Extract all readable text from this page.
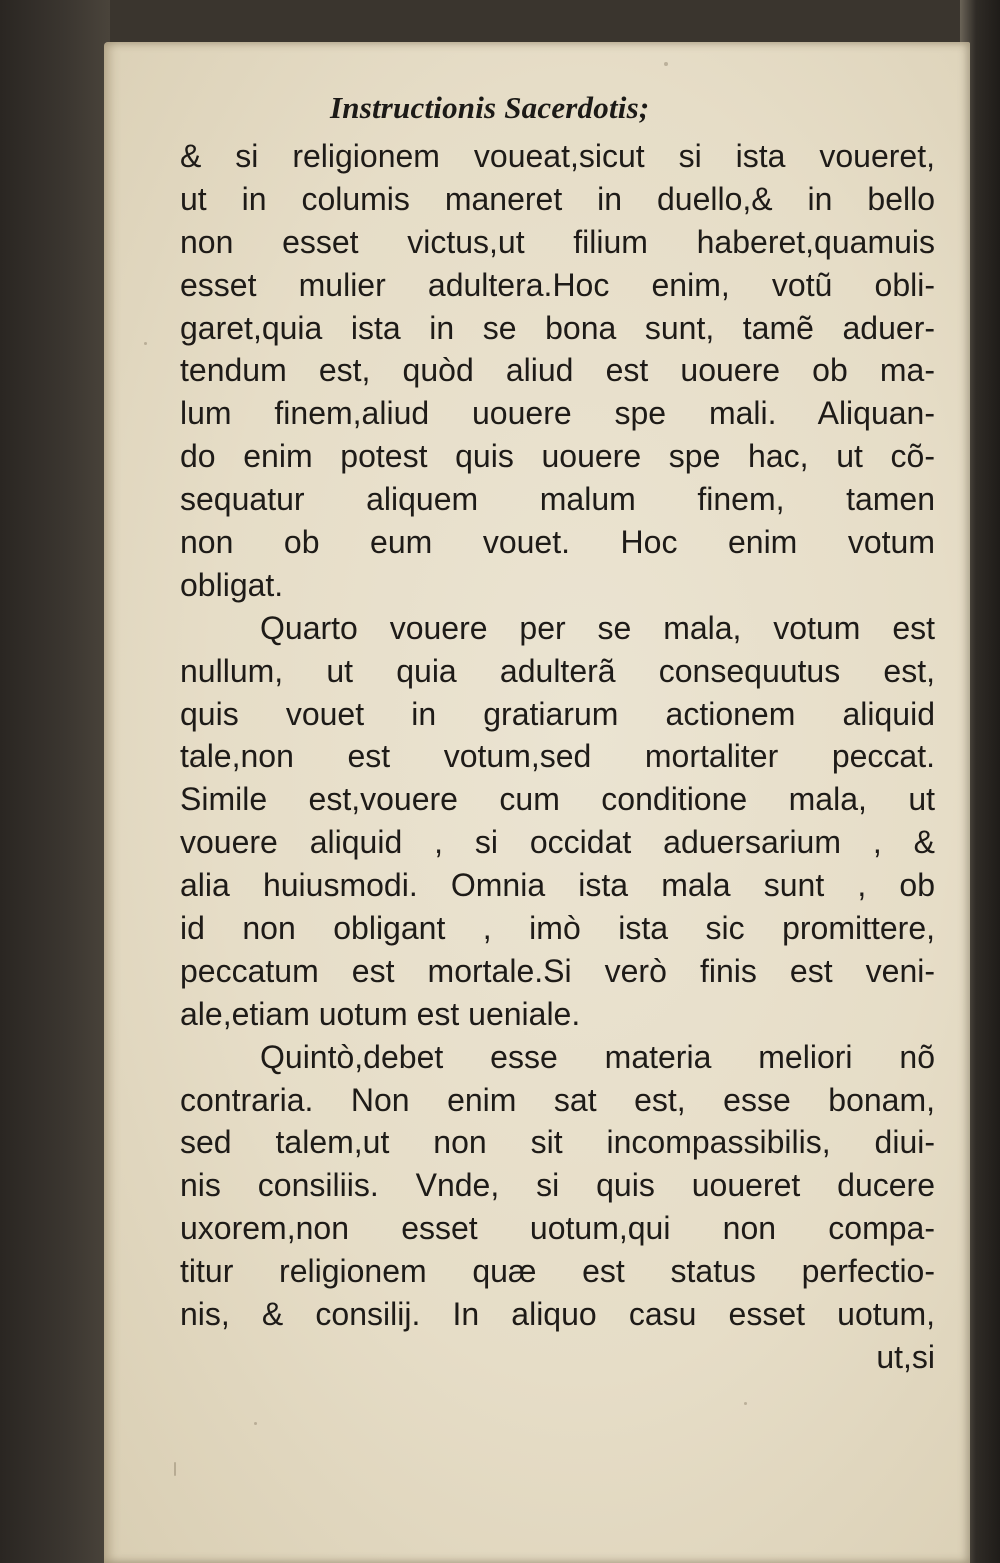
Instructionis Sacerdotis;
& si religionem voueat,sicut si ista voueret,
ut in columis maneret in duello,& in bello
non esset victus,ut filium haberet,quamuis
esset mulier adultera.Hoc enim, votũ obli-
garet,quia ista in se bona sunt, tamẽ aduer-
tendum est, quòd aliud est uouere ob ma-
lum finem,aliud uouere spe mali. Aliquan-
do enim potest quis uouere spe hac, ut cõ-
sequatur aliquem malum finem, tamen
non ob eum vouet. Hoc enim votum
obligat.
Quarto vouere per se mala, votum est
nullum, ut quia adulterã consequutus est,
quis vouet in gratiarum actionem aliquid
tale,non est votum,sed mortaliter peccat.
Simile est,vouere cum conditione mala, ut
vouere aliquid , si occidat aduersarium , &
alia huiusmodi. Omnia ista mala sunt , ob
id non obligant , imò ista sic promittere,
peccatum est mortale.Si verò finis est veni-
ale,etiam uotum est ueniale.
Quintò,debet esse materia meliori nõ
contraria. Non enim sat est, esse bonam,
sed talem,ut non sit incompassibilis, diui-
nis consiliis. Vnde, si quis uoueret ducere
uxorem,non esset uotum,qui non compa-
titur religionem quæ est status perfectio-
nis, & consilij. In aliquo casu esset uotum,
ut,si
